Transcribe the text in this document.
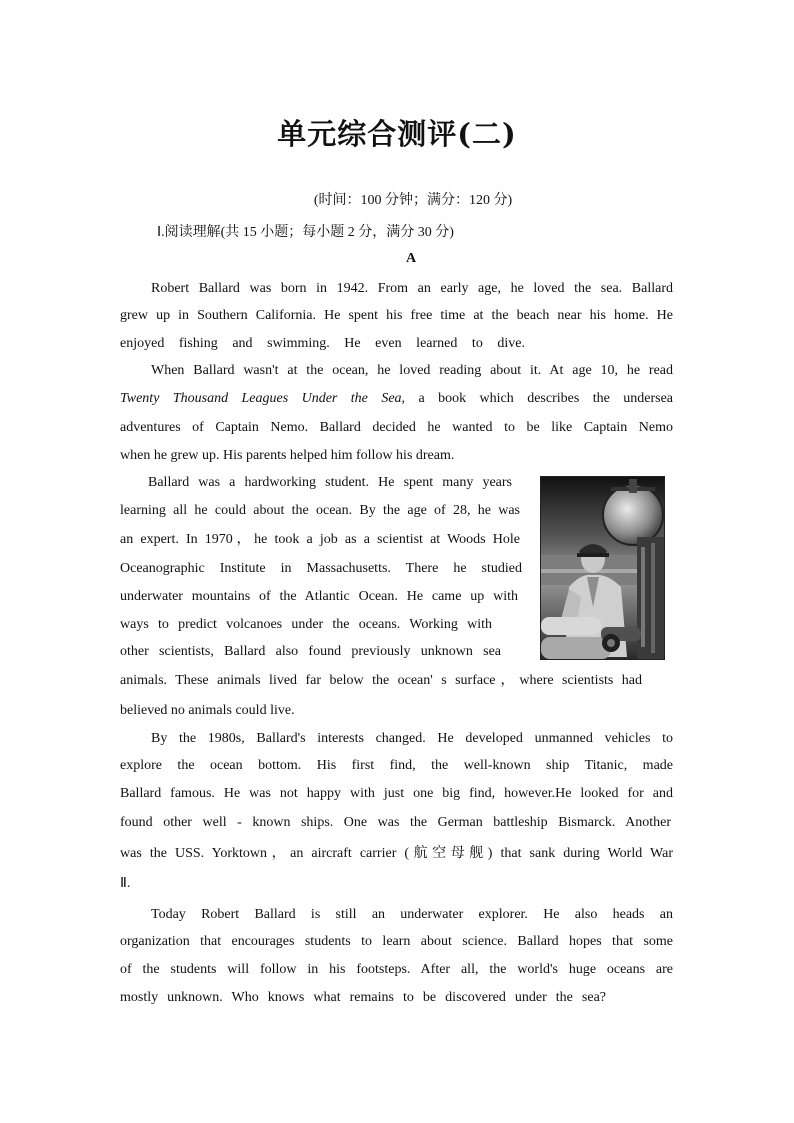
单元综合测评(二)
(时间：100 分钟；满分：120 分)
Ⅰ.阅读理解(共 15 小题；每小题 2 分，满分 30 分)
A
Robert Ballard was born in 1942. From an early age, he loved the sea. Ballard
grew up in Southern California. He spent his free time at the beach near his home. He
enjoyed fishing and swimming. He even learned to dive.
When Ballard wasn't at the ocean, he loved reading about it. At age 10, he read
Twenty Thousand Leagues Under the Sea, a book which describes the undersea
adventures of Captain Nemo. Ballard decided he wanted to be like Captain Nemo
when he grew up. His parents helped him follow his dream.
Ballard was a hardworking student. He spent many years
learning all he could about the ocean. By the age of 28, he was
an expert. In 1970，he took a job as a scientist at Woods Hole
Oceanographic Institute in Massachusetts. There he studied
underwater mountains of the Atlantic Ocean. He came up with
ways to predict volcanoes under the oceans. Working with
other scientists, Ballard also found previously unknown sea
animals. These animals lived far below the ocean' s surface，where scientists had
believed no animals could live.
By the 1980s, Ballard's interests changed. He developed unmanned vehicles to
explore the ocean bottom. His first find, the well-known ship Titanic, made
Ballard famous. He was not happy with just one big find, however.He looked for and
found other well - known ships. One was the German battleship Bismarck. Another
was the USS. Yorktown，an aircraft carrier (航空母舰) that sank during World War
Ⅱ.
Today Robert Ballard is still an underwater explorer. He also heads an
organization that encourages students to learn about science. Ballard hopes that some
of the students will follow in his footsteps. After all, the world's huge oceans are
mostly unknown. Who knows what remains to be discovered under the sea?
